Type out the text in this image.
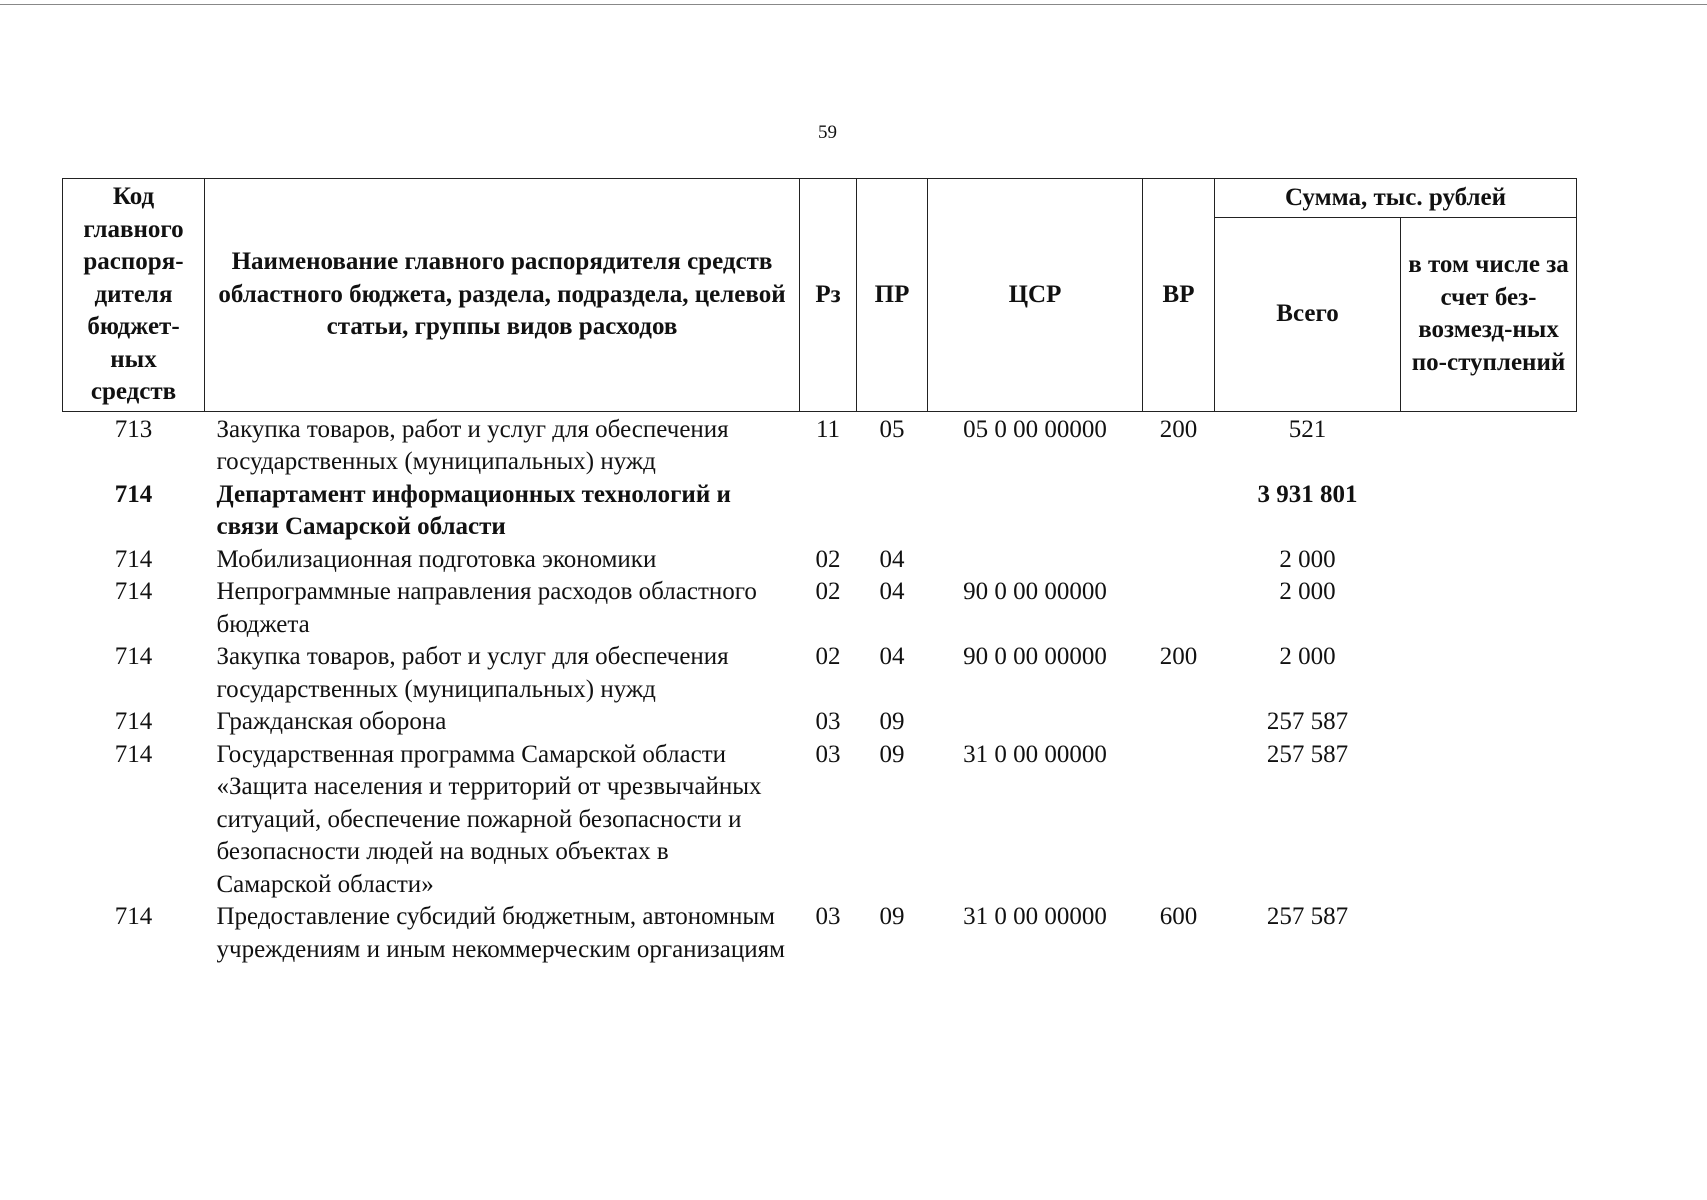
59
Код главного распоря-дителя бюджет-ных средств	Наименование главного распорядителя средств областного бюджета, раздела, подраздела, целевой статьи, группы видов расходов	Рз	ПР	ЦСР	ВР	Сумма, тыс. рублей	
						Всего	в том числе за счет без-возмезд-ных по-ступлений
713	Закупка товаров, работ и услуг для обеспечения государственных (муниципальных) нужд	11	05	05 0 00 00000	200	521	
714	Департамент информационных технологий и связи Самарской области					3 931 801	
714	Мобилизационная подготовка экономики	02	04			2 000	
714	Непрограммные направления расходов областного бюджета	02	04	90 0 00 00000		2 000	
714	Закупка товаров, работ и услуг для обеспечения государственных (муниципальных) нужд	02	04	90 0 00 00000	200	2 000	
714	Гражданская оборона	03	09			257 587	
714	Государственная программа Самарской области «Защита населения и территорий от чрезвычайных ситуаций, обеспечение пожарной безопасности и безопасности людей на водных объектах в Самарской области»	03	09	31 0 00 00000		257 587	
714	Предоставление субсидий бюджетным, автономным учреждениям и иным некоммерческим организациям	03	09	31 0 00 00000	600	257 587	
